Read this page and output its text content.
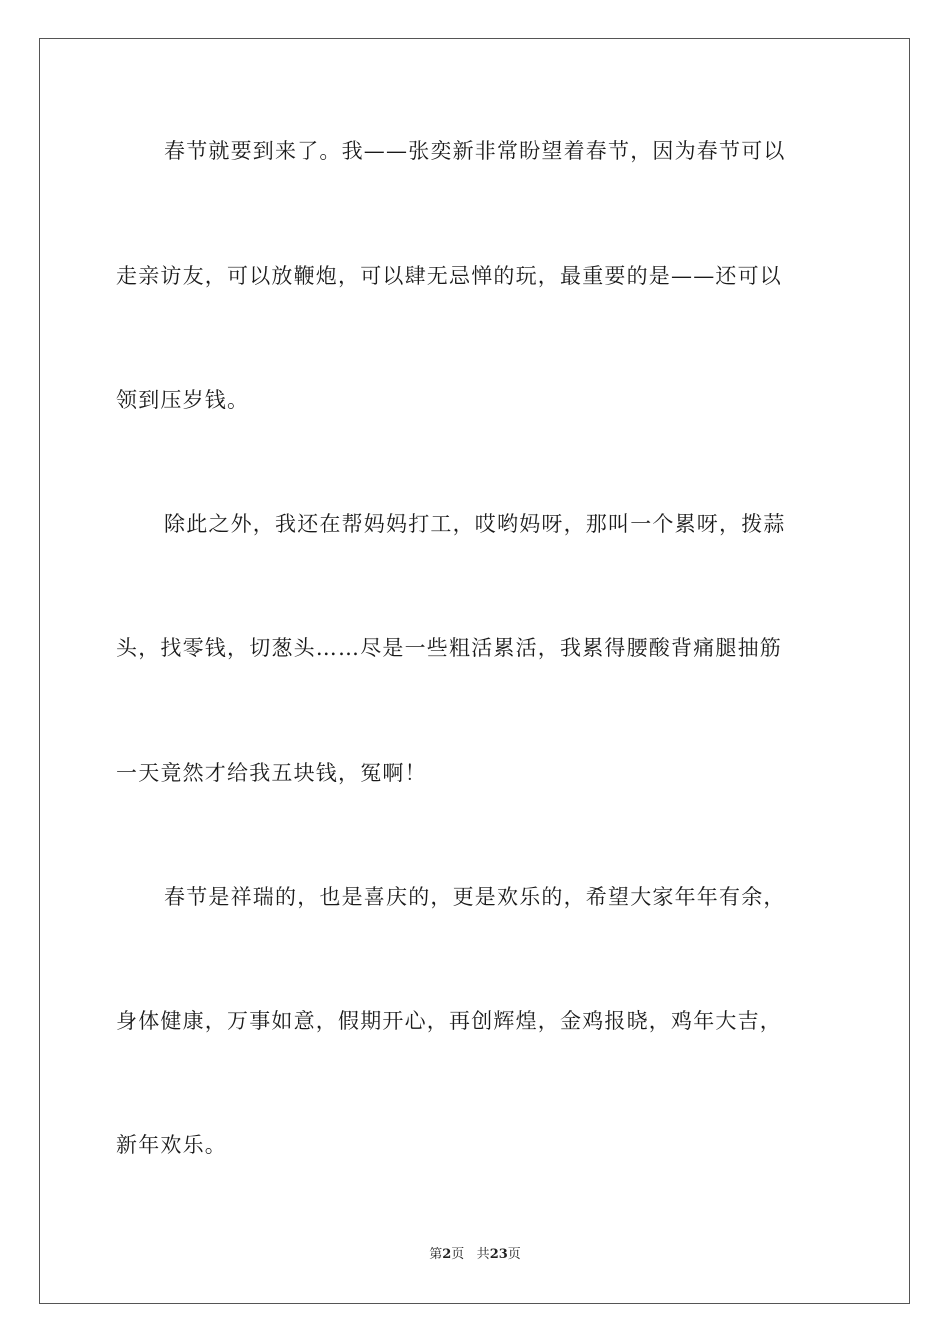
春节就要到来了。我——张奕新非常盼望着春节，因为春节可以
走亲访友，可以放鞭炮，可以肆无忌惮的玩，最重要的是——还可以
领到压岁钱。
除此之外，我还在帮妈妈打工，哎哟妈呀，那叫一个累呀，拨蒜
头，找零钱，切葱头……尽是一些粗活累活，我累得腰酸背痛腿抽筋
一天竟然才给我五块钱，冤啊！
春节是祥瑞的，也是喜庆的，更是欢乐的，希望大家年年有余，
身体健康，万事如意，假期开心，再创辉煌，金鸡报晓，鸡年大吉，
新年欢乐。
第2页 共23页
